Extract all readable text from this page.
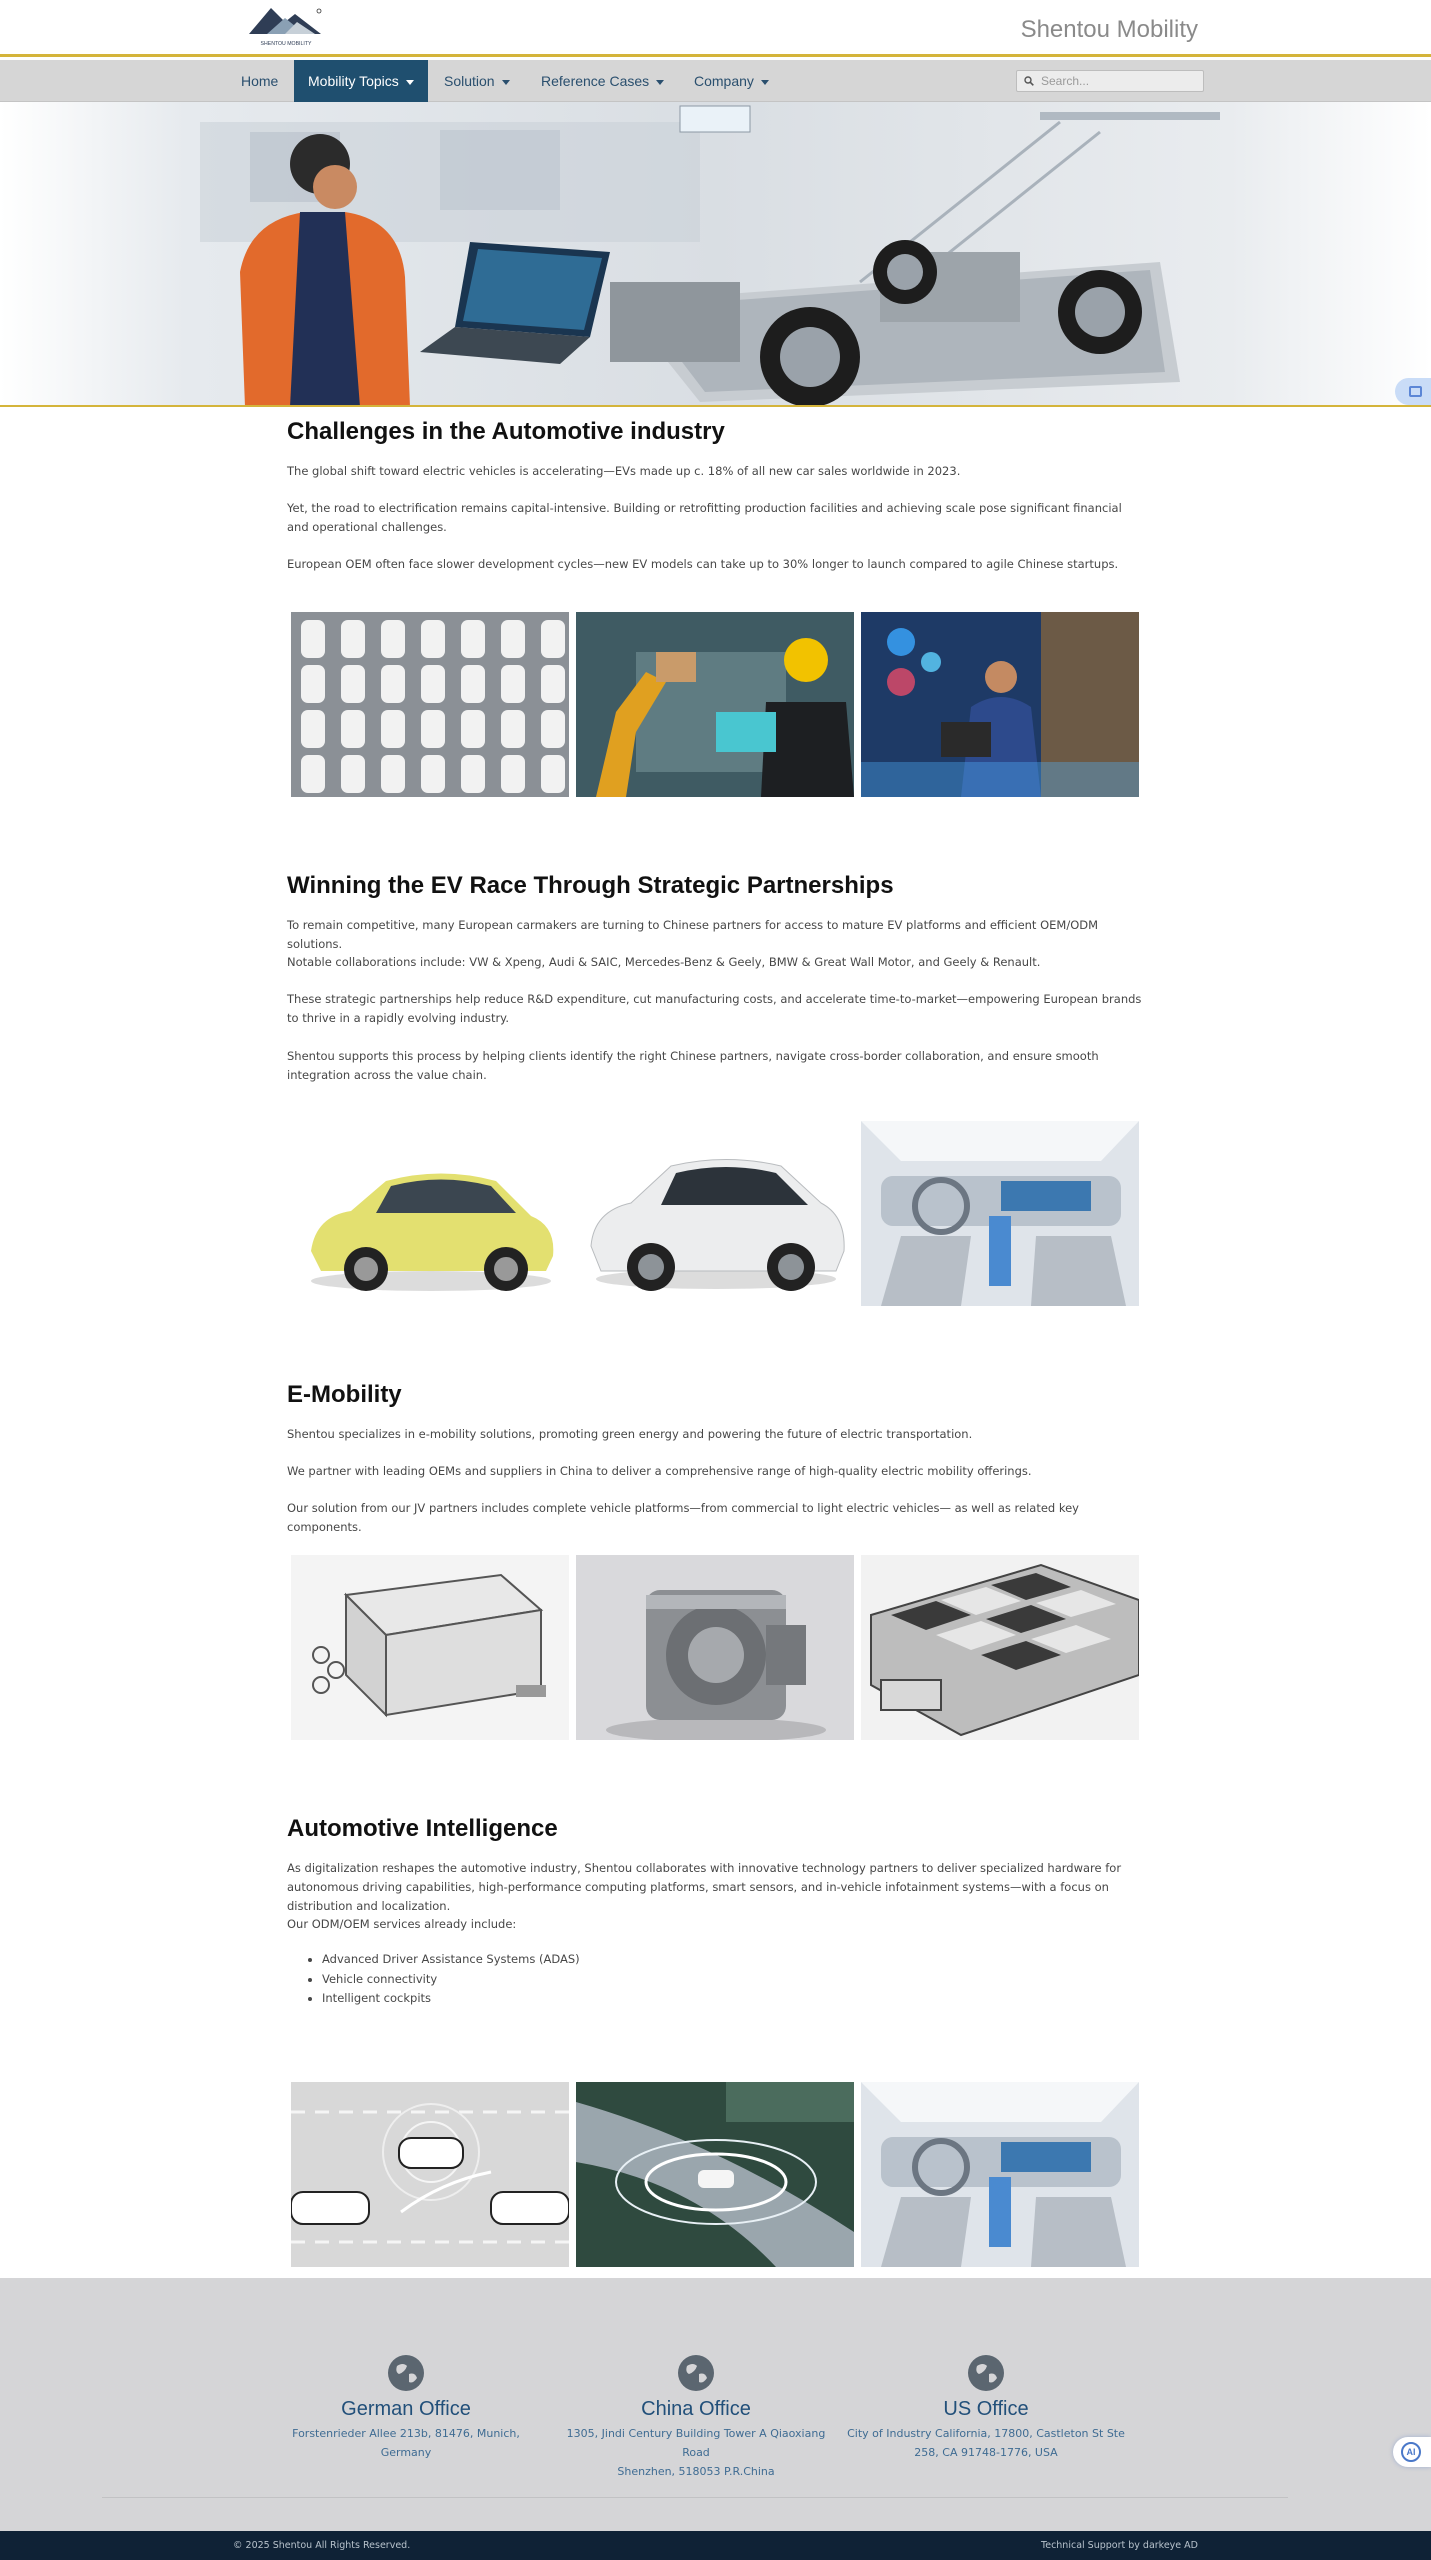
SHENTOU MOBILITY
Shentou Mobility
Home	Mobility Topics	Solution	Reference Cases	Company
Search...
Challenges in the Automotive industry

The global shift toward electric vehicles is accelerating—EVs made up c. 18% of all new car sales worldwide in 2023.

Yet, the road to electrification remains capital-intensive. Building or retrofitting production facilities and achieving scale pose significant financial and operational challenges.

European OEM often face slower development cycles—new EV models can take up to 30% longer to launch compared to agile Chinese startups.

Winning the EV Race Through Strategic Partnerships

To remain competitive, many European carmakers are turning to Chinese partners for access to mature EV platforms and efficient OEM/ODM solutions.

Notable collaborations include: VW & Xpeng, Audi & SAIC, Mercedes-Benz & Geely, BMW & Great Wall Motor, and Geely & Renault.

These strategic partnerships help reduce R&D expenditure, cut manufacturing costs, and accelerate time-to-market—empowering European brands to thrive in a rapidly evolving industry.

Shentou supports this process by helping clients identify the right Chinese partners, navigate cross-border collaboration, and ensure smooth integration across the value chain.

E-Mobility

Shentou specializes in e-mobility solutions, promoting green energy and powering the future of electric transportation.

We partner with leading OEMs and suppliers in China to deliver a comprehensive range of high-quality electric mobility offerings.

Our solution from our JV partners includes complete vehicle platforms—from commercial to light electric vehicles— as well as related key components.

Automotive Intelligence

As digitalization reshapes the automotive industry, Shentou collaborates with innovative technology partners to deliver specialized hardware for autonomous driving capabilities, high-performance computing platforms, smart sensors, and in-vehicle infotainment systems—with a focus on distribution and localization.

Our ODM/OEM services already include:

• Advanced Driver Assistance Systems (ADAS)
• Vehicle connectivity
• Intelligent cockpits
German Office
Forstenrieder Allee 213b, 81476, Munich, Germany
China Office
1305, Jindi Century Building Tower A Qiaoxiang Road
Shenzhen, 518053 P.R.China
US Office
City of Industry California, 17800, Castleton St Ste
258, CA 91748-1776, USA	AI
© 2025 Shentou All Rights Reserved.	Technical Support by darkeye AD
